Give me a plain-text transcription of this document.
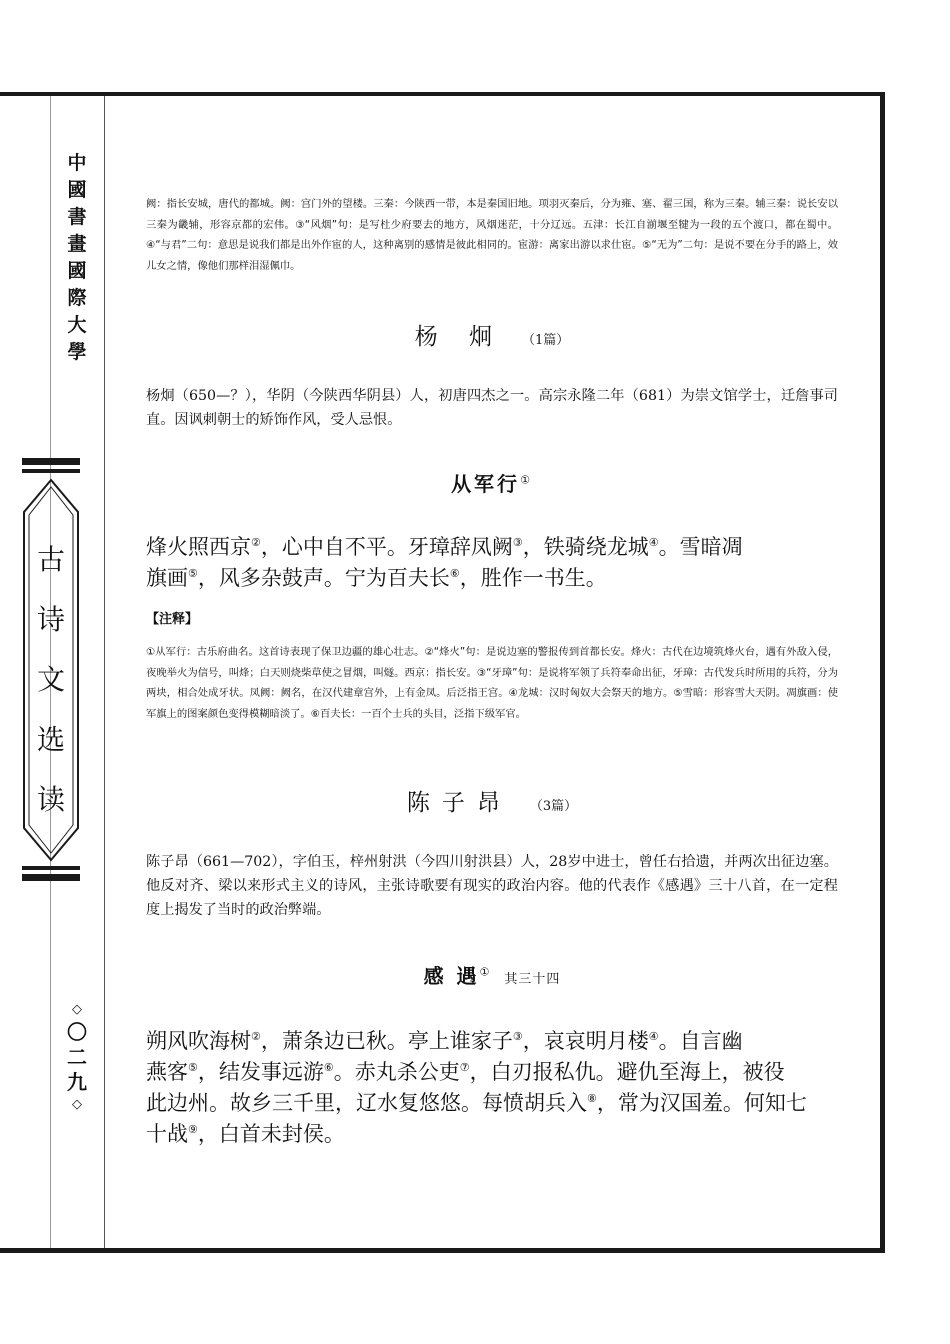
中
國
書
畫
國
際
大
學
古
诗
文
选
读
◇
〇
二
九
◇

阙：指长安城，唐代的都城。阙：宫门外的望楼。三秦：今陕西一带，本是秦国旧地。项羽灭秦后，分为雍、塞、翟三国，称为三秦。辅三秦：说长安以三秦为畿辅，形容京都的宏伟。③“风烟”句：是写杜少府要去的地方，风烟迷茫，十分辽远。五津：长江自湔堰至犍为一段的五个渡口，都在蜀中。④“与君”二句：意思是说我们都是出外作宦的人，这种离别的感情是彼此相同的。宦游：离家出游以求仕宦。⑤“无为”二句：是说不要在分手的路上，效儿女之情，像他们那样泪湿佩巾。

杨 炯 （1篇）

杨炯（650—？），华阴（今陕西华阴县）人，初唐四杰之一。高宗永隆二年（681）为崇文馆学士，迁詹事司直。因讽刺朝士的矫饰作风，受人忌恨。

从军行①

烽火照西京②，心中自不平。牙璋辞凤阙③，铁骑绕龙城④。雪暗凋
旗画⑤，风多杂鼓声。宁为百夫长⑥，胜作一书生。

【注释】

①从军行：古乐府曲名。这首诗表现了保卫边疆的雄心壮志。②“烽火”句：是说边塞的警报传到首都长安。烽火：古代在边境筑烽火台，遇有外敌入侵，夜晚举火为信号，叫烽；白天则烧柴草使之冒烟，叫燧。西京：指长安。③“牙璋”句：是说将军领了兵符奉命出征，牙璋：古代发兵时所用的兵符，分为两块，相合处成牙状。凤阙：阙名，在汉代建章宫外，上有金凤。后泛指王宫。④龙城：汉时匈奴大会祭天的地方。⑤雪暗：形容雪大天阴。凋旗画：使军旗上的图案颜色变得模糊暗淡了。⑥百夫长：一百个士兵的头目，泛指下级军官。

陈子昂 （3篇）

陈子昂（661—702），字伯玉，梓州射洪（今四川射洪县）人，28岁中进士，曾任右拾遗，并两次出征边塞。他反对齐、梁以来形式主义的诗风，主张诗歌要有现实的政治内容。他的代表作《感遇》三十八首，在一定程度上揭发了当时的政治弊端。

感 遇①其三十四

朔风吹海树②，萧条边已秋。亭上谁家子③，哀哀明月楼④。自言幽
燕客⑤，结发事远游⑥。赤丸杀公吏⑦，白刃报私仇。避仇至海上，被役
此边州。故乡三千里，辽水复悠悠。每愤胡兵入⑧，常为汉国羞。何知七
十战⑨，白首未封侯。
